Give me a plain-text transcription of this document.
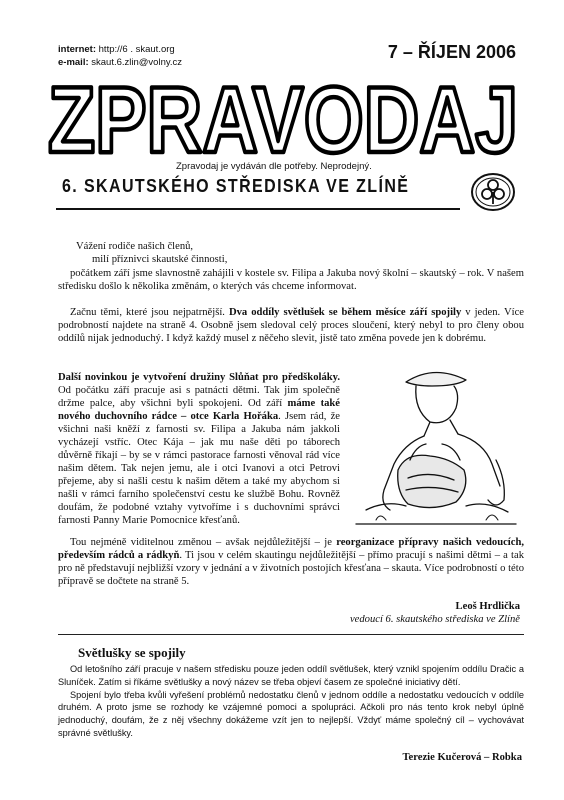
internet: http://6 . skaut.org
e-mail: skaut.6.zlin@volny.cz
7 – ŘÍJEN 2006
ZPRAVODAJ
Zpravodaj je vydáván dle potřeby. Neprodejný.
6. SKAUTSKÉHO STŘEDISKA VE ZLÍNĚ
Vážení rodiče našich členů,
milí příznivci skautské činnosti,

počátkem září jsme slavnostně zahájili v kostele sv. Filipa a Jakuba nový školní – skautský – rok. V našem středisku došlo k několika změnám, o kterých vás chceme informovat.

Začnu těmi, které jsou nejpatrnější. Dva oddíly světlušek se během měsíce září spojily v jeden. Více podrobností najdete na straně 4. Osobně jsem sledoval celý proces sloučení, který nebyl to pro členy obou oddílů nijak jednoduchý. I když každý musel z něčeho slevit, jistě tato změna povede jen k dobrému.

Další novinkou je vytvoření družiny Slůňat pro předškoláky. Od počátku září pracuje asi s patnácti dětmi. Tak jim společně držme palce, aby všichni byli spokojeni. Od září máme také nového duchovního rádce – otce Karla Hořáka. Jsem rád, že všichni naši kněží z farnosti sv. Filipa a Jakuba nám jakkoli vycházejí vstříc. Otec Kája – jak mu naše děti po táborech důvěrně říkají – by se v rámci pastorace farnosti věnoval rád více našim dětem. Tak nejen jemu, ale i otci Ivanovi a otci Petrovi přejeme, aby si našli cestu k našim dětem a také my abychom si našli v rámci farního společenství cestu ke službě Bohu. Rovněž doufám, že podobné vztahy vytvoříme i s duchovními správci farnosti Panny Marie Pomocnice křesťanů.

Tou nejméně viditelnou změnou – avšak nejdůležitější – je reorganizace přípravy našich vedoucích, především rádců a rádkyň. Ti jsou v celém skautingu nejdůležitější – přímo pracují s našimi dětmi – a tak pro ně představují nejbližší vzory v jednání a v životních postojích křesťana – skauta. Více podrobností o této přípravě se dočtete na straně 5.

Leoš Hrdlička
vedoucí 6. skautského střediska ve Zlíně
Světlušky se spojily

Od letošního září pracuje v našem středisku pouze jeden oddíl světlušek, který vznikl spojením oddílu Dračic a Sluníček. Zatím si říkáme světlušky a nový název se třeba objeví časem ze společné iniciativy dětí.

Spojení bylo třeba kvůli vyřešení problémů nedostatku členů v jednom oddíle a nedostatku vedoucích v oddíle druhém. A proto jsme se rozhody ke vzájemné pomoci a spolupráci. Ačkoli pro nás tento krok nebyl úplně jednoduchý, doufám, že z něj všechny dokážeme vzít jen to nejlepší. Vždyť máme společný cíl – vychovávat správné světlušky.

Terezie Kučerová – Robka
